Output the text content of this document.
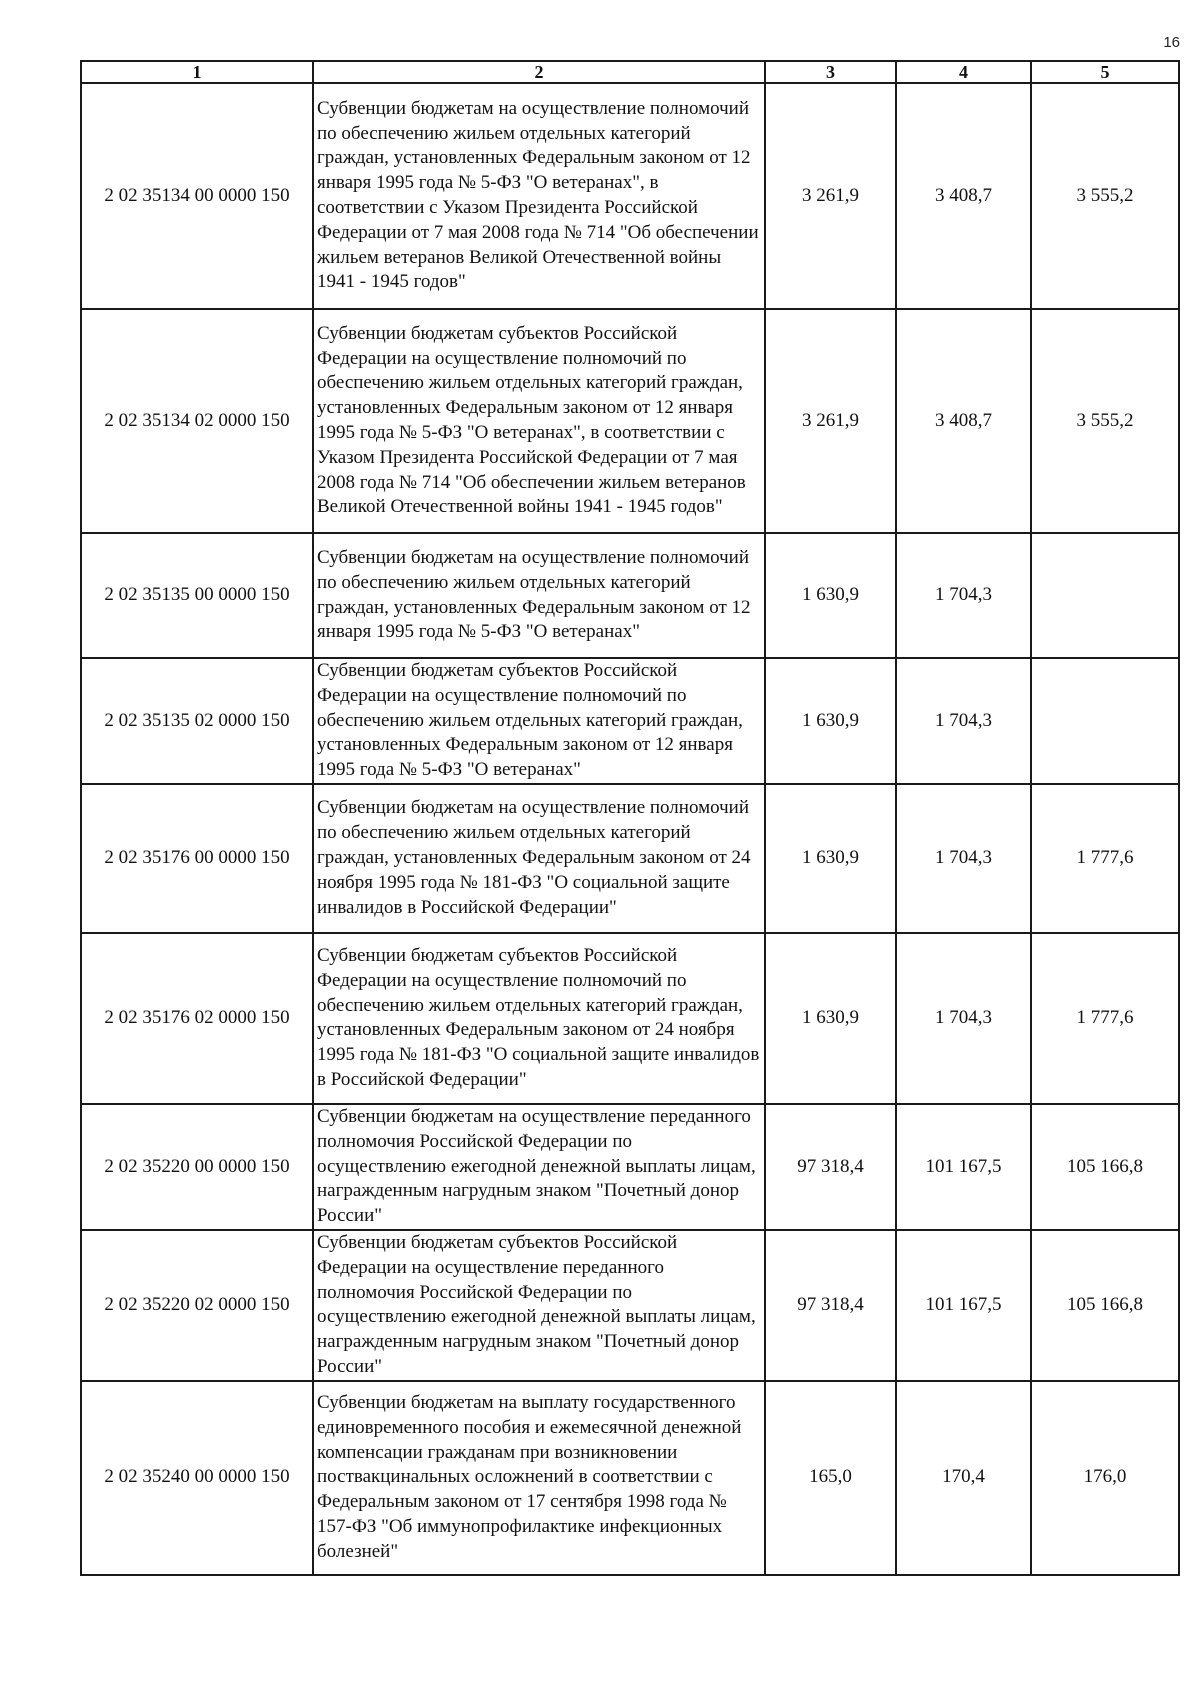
16
1	2	3	4	5
2 02 35134 00 0000 150	Субвенции бюджетам на осуществление полномочий по обеспечению жильем отдельных категорий граждан, установленных Федеральным законом от 12 января 1995 года № 5-ФЗ "О ветеранах", в соответствии с Указом Президента Российской Федерации от 7 мая 2008 года № 714 "Об обеспечении жильем ветеранов Великой Отечественной войны 1941 - 1945 годов"	3 261,9	3 408,7	3 555,2
2 02 35134 02 0000 150	Субвенции бюджетам субъектов Российской Федерации на осуществление полномочий по обеспечению жильем отдельных категорий граждан, установленных Федеральным законом от 12 января 1995 года № 5-ФЗ "О ветеранах", в соответствии с Указом Президента Российской Федерации от 7 мая 2008 года № 714 "Об обеспечении жильем ветеранов Великой Отечественной войны 1941 - 1945 годов"	3 261,9	3 408,7	3 555,2
2 02 35135 00 0000 150	Субвенции бюджетам на осуществление полномочий по обеспечению жильем отдельных категорий граждан, установленных Федеральным законом от 12 января 1995 года № 5-ФЗ "О ветеранах"	1 630,9	1 704,3	
2 02 35135 02 0000 150	Субвенции бюджетам субъектов Российской Федерации на осуществление полномочий по обеспечению жильем отдельных категорий граждан, установленных Федеральным законом от 12 января 1995 года № 5-ФЗ "О ветеранах"	1 630,9	1 704,3	
2 02 35176 00 0000 150	Субвенции бюджетам на осуществление полномочий по обеспечению жильем отдельных категорий граждан, установленных Федеральным законом от 24 ноября 1995 года № 181-ФЗ "О социальной защите инвалидов в Российской Федерации"	1 630,9	1 704,3	1 777,6
2 02 35176 02 0000 150	Субвенции бюджетам субъектов Российской Федерации на осуществление полномочий по обеспечению жильем отдельных категорий граждан, установленных Федеральным законом от 24 ноября 1995 года № 181-ФЗ "О социальной защите инвалидов в Российской Федерации"	1 630,9	1 704,3	1 777,6
2 02 35220 00 0000 150	Субвенции бюджетам на осуществление переданного полномочия Российской Федерации по осуществлению ежегодной денежной выплаты лицам, награжденным нагрудным знаком "Почетный донор России"	97 318,4	101 167,5	105 166,8
2 02 35220 02 0000 150	Субвенции бюджетам субъектов Российской Федерации на осуществление переданного полномочия Российской Федерации по осуществлению ежегодной денежной выплаты лицам, награжденным нагрудным знаком "Почетный донор России"	97 318,4	101 167,5	105 166,8
2 02 35240 00 0000 150	Субвенции бюджетам на выплату государственного единовременного пособия и ежемесячной денежной компенсации гражданам при возникновении поствакцинальных осложнений в соответствии с Федеральным законом от 17 сентября 1998 года № 157-ФЗ "Об иммунопрофилактике инфекционных болезней"	165,0	170,4	176,0
